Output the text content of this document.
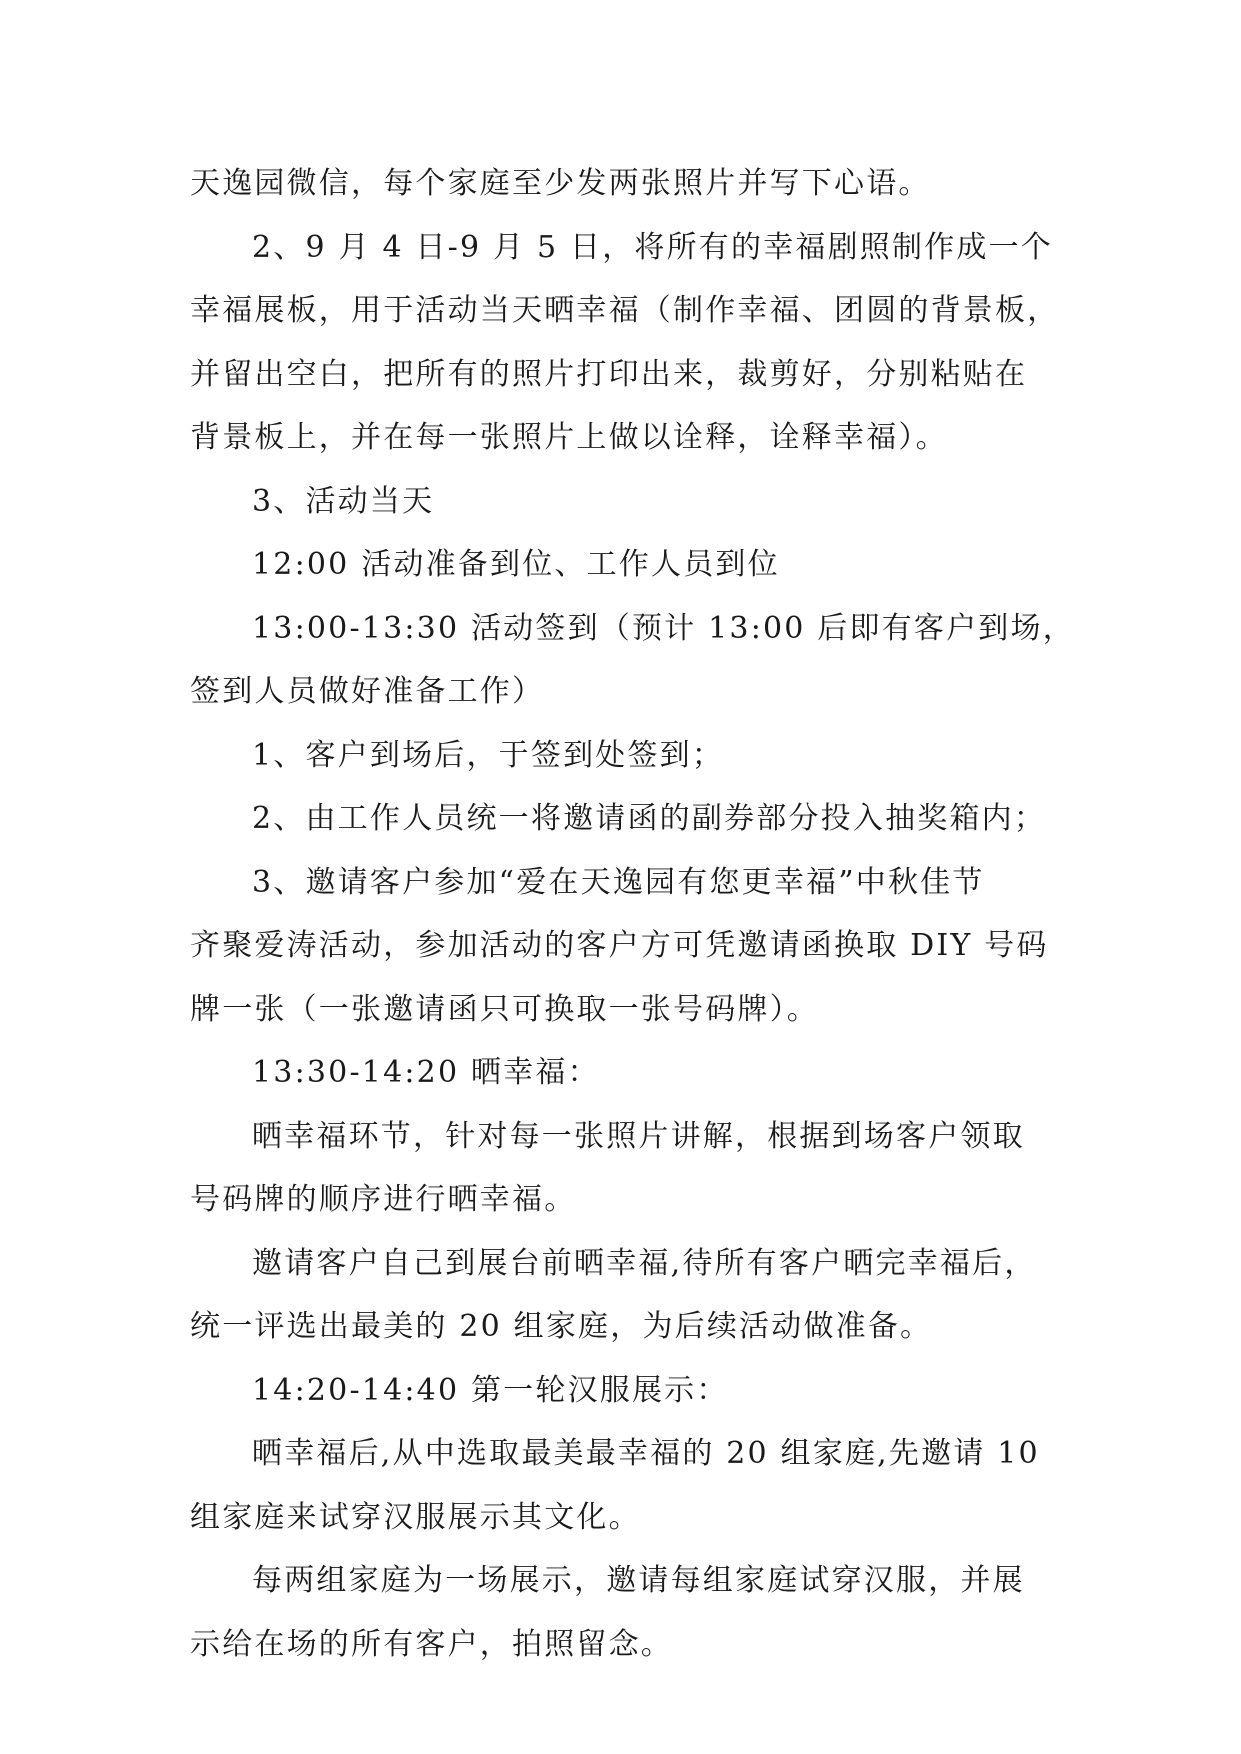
天逸园微信，每个家庭至少发两张照片并写下心语。
2、9 月 4 日-9 月 5 日，将所有的幸福剧照制作成一个
幸福展板，用于活动当天晒幸福（制作幸福、团圆的背景板，
并留出空白，把所有的照片打印出来，裁剪好，分别粘贴在
背景板上，并在每一张照片上做以诠释，诠释幸福）。
3、活动当天
12:00 活动准备到位、工作人员到位
13:00-13:30 活动签到（预计 13:00 后即有客户到场，
签到人员做好准备工作）
1、客户到场后，于签到处签到；
2、由工作人员统一将邀请函的副券部分投入抽奖箱内；
3、邀请客户参加“爱在天逸园有您更幸福”中秋佳节
齐聚爱涛活动，参加活动的客户方可凭邀请函换取 DIY 号码
牌一张（一张邀请函只可换取一张号码牌）。
13:30-14:20 晒幸福：
晒幸福环节，针对每一张照片讲解，根据到场客户领取
号码牌的顺序进行晒幸福。
邀请客户自己到展台前晒幸福,待所有客户晒完幸福后，
统一评选出最美的 20 组家庭，为后续活动做准备。
14:20-14:40 第一轮汉服展示：
晒幸福后,从中选取最美最幸福的 20 组家庭,先邀请 10
组家庭来试穿汉服展示其文化。
每两组家庭为一场展示，邀请每组家庭试穿汉服，并展
示给在场的所有客户，拍照留念。
